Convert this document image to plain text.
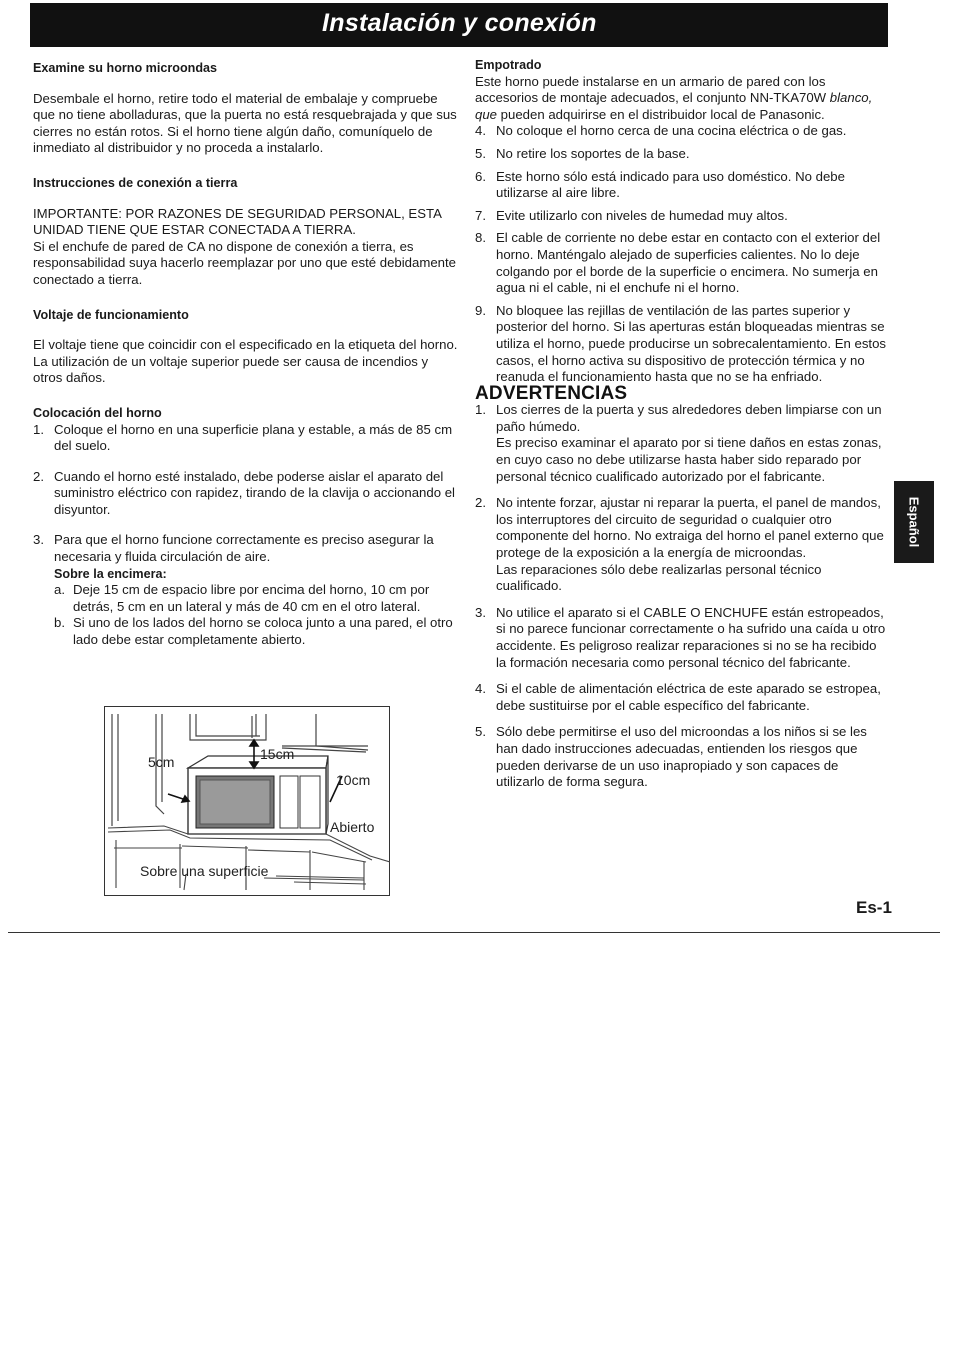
Instalación y conexión

Examine su horno microondas

Desembale el horno, retire todo el material de embalaje y compruebe que no tiene abolladuras, que la puerta no está resquebrajada y que sus cierres no están rotos. Si el horno tiene algún daño, comuníquelo de inmediato al distribuidor y no proceda a instalarlo.

Instrucciones de conexión a tierra

IMPORTANTE: POR RAZONES DE SEGURIDAD PERSONAL, ESTA UNIDAD TIENE QUE ESTAR CONECTADA A TIERRA.

Si el enchufe de pared de CA no dispone de conexión a tierra, es responsabilidad suya hacerlo reemplazar por uno que esté debidamente conectado a tierra.

Voltaje de funcionamiento

El voltaje tiene que coincidir con el especificado en la etiqueta del horno. La utilización de un voltaje superior puede ser causa de incendios y otros daños.

Colocación del horno

1. Coloque el horno en una superficie plana y estable, a más de 85 cm del suelo.
2. Cuando el horno esté instalado, debe poderse aislar el aparato del suministro eléctrico con rapidez, tirando de la clavija o accionando el disyuntor.
3. Para que el horno funcione correctamente es preciso asegurar la necesaria y fluida circulación de aire.

Sobre la encimera:

a. Deje 15 cm de espacio libre por encima del horno, 10 cm por detrás, 5 cm en un lateral y más de 40 cm en el otro lateral.
b. Si uno de los lados del horno se coloca junto a una pared, el otro lado debe estar completamente abierto.
5cm	15cm
10cm
Abierto
Sobre una superficie

Empotrado

Este horno puede instalarse en un armario de pared con los accesorios de montaje adecuados, el conjunto NN-TKA70W blanco, que pueden adquirirse en el distribuidor local de Panasonic.

4. No coloque el horno cerca de una cocina eléctrica o de gas.
5. No retire los soportes de la base.
6. Este horno sólo está indicado para uso doméstico. No debe utilizarse al aire libre.
7. Evite utilizarlo con niveles de humedad muy altos.
8. El cable de corriente no debe estar en contacto con el exterior del horno. Manténgalo alejado de superficies calientes. No lo deje colgando por el borde de la superficie o encimera. No sumerja en agua ni el cable, ni el enchufe ni el horno.
9. No bloquee las rejillas de ventilación de las partes superior y posterior del horno. Si las aperturas están bloqueadas mientras se utiliza el horno, puede producirse un sobrecalentamiento. En estos casos, el horno activa su dispositivo de protección térmica y no reanuda el funcionamiento hasta que no se ha enfriado.

ADVERTENCIAS

1. Los cierres de la puerta y sus alrededores deben limpiarse con un paño húmedo.
Es preciso examinar el aparato por si tiene daños en estas zonas, en cuyo caso no debe utilizarse hasta haber sido reparado por personal técnico cualificado autorizado por el fabricante.
2. No intente forzar, ajustar ni reparar la puerta, el panel de mandos, los interruptores del circuito de seguridad o cualquier otro componente del horno. No extraiga del horno el panel externo que protege de la exposición a la energía de microondas.
Las reparaciones sólo debe realizarlas personal técnico cualificado.
3. No utilice el aparato si el CABLE O ENCHUFE están estropeados, si no parece funcionar correctamente o ha sufrido una caída u otro accidente. Es peligroso realizar reparaciones si no se ha recibido la formación necesaria como personal técnico del fabricante.
4. Si el cable de alimentación eléctrica de este aparado se estropea, debe sustituirse por el cable específico del fabricante.
5. Sólo debe permitirse el uso del microondas a los niños si se les han dado instrucciones adecuadas, entienden los riesgos que pueden derivarse de un uso inapropiado y son capaces de utilizarlo de forma segura.
Español
Es-1
